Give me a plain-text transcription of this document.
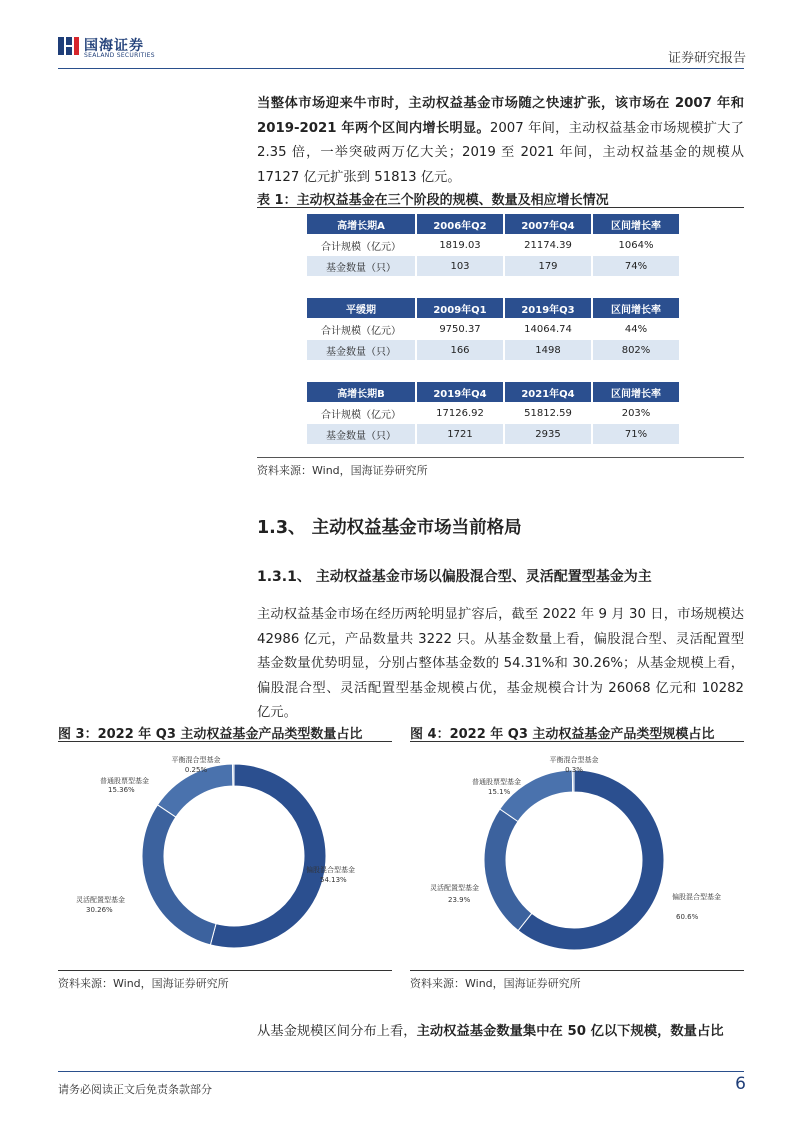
国海证券
SEALAND SECURITIES	证券研究报告
当整体市场迎来牛市时，主动权益基金市场随之快速扩张，该市场在 2007 年和 2019-2021 年两个区间内增长明显。2007 年间，主动权益基金市场规模扩大了 2.35 倍，一举突破两万亿大关；2019 至 2021 年间，主动权益基金的规模从 17127 亿元扩张到 51813 亿元。
表 1：主动权益基金在三个阶段的规模、数量及相应增长情况
高增长期A	2006年Q2	2007年Q4	区间增长率
合计规模（亿元）	1819.03	21174.39	1064%
基金数量（只）	103	179	74%
平缓期	2009年Q1	2019年Q3	区间增长率
合计规模（亿元）	9750.37	14064.74	44%
基金数量（只）	166	1498	802%
高增长期B	2019年Q4	2021年Q4	区间增长率
合计规模（亿元）	17126.92	51812.59	203%
基金数量（只）	1721	2935	71%
资料来源：Wind，国海证券研究所
1.3、 主动权益基金市场当前格局
1.3.1、 主动权益基金市场以偏股混合型、灵活配置型基金为主
主动权益基金市场在经历两轮明显扩容后，截至 2022 年 9 月 30 日，市场规模达 42986 亿元，产品数量共 3222 只。从基金数量上看，偏股混合型、灵活配置型基金数量优势明显，分别占整体基金数的 54.31%和 30.26%；从基金规模上看，偏股混合型、灵活配置型基金规模占优，基金规模合计为 26068 亿元和 10282 亿元。
图 3：2022 年 Q3 主动权益基金产品类型数量占比
平衡混合型基金
0.25%
普通股票型基金
15.36%
偏股混合型基金
54.13%
灵活配置型基金
30.26%
资料来源：Wind，国海证券研究所
图 4：2022 年 Q3 主动权益基金产品类型规模占比
平衡混合型基金
0.3%
普通股票型基金
15.1%
偏股混合型基金
60.6%
灵活配置型基金
23.9%
资料来源：Wind，国海证券研究所
从基金规模区间分布上看，主动权益基金数量集中在 50 亿以下规模，数量占比
请务必阅读正文后免责条款部分	6
